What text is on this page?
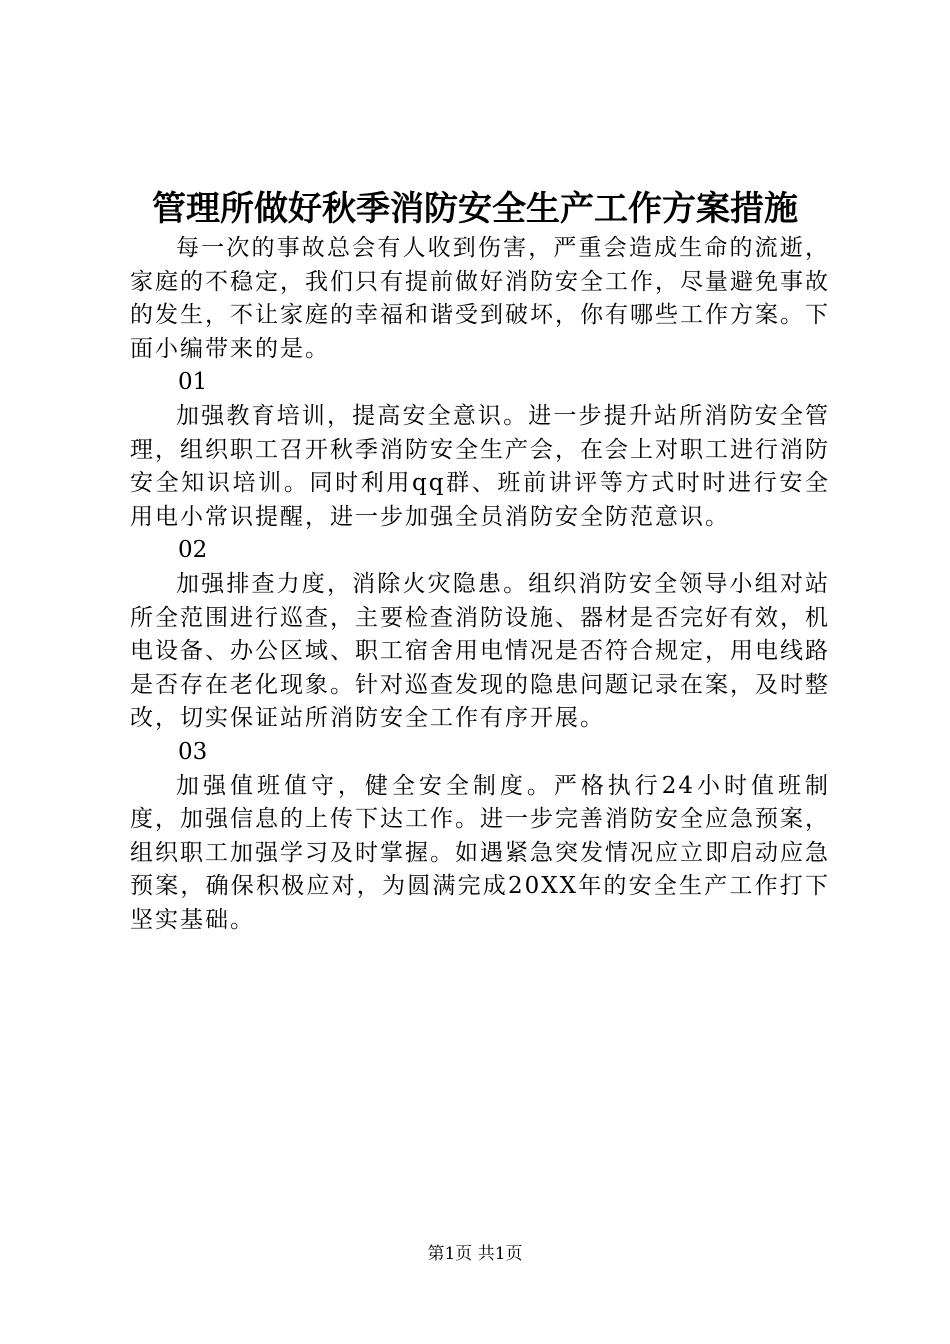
管理所做好秋季消防安全生产工作方案措施

每一次的事故总会有人收到伤害，严重会造成生命的流逝，家庭的不稳定，我们只有提前做好消防安全工作，尽量避免事故的发生，不让家庭的幸福和谐受到破坏，你有哪些工作方案。下面小编带来的是。

01

加强教育培训，提高安全意识。进一步提升站所消防安全管理，组织职工召开秋季消防安全生产会，在会上对职工进行消防安全知识培训。同时利用qq群、班前讲评等方式时时进行安全用电小常识提醒，进一步加强全员消防安全防范意识。

02

加强排查力度，消除火灾隐患。组织消防安全领导小组对站所全范围进行巡查，主要检查消防设施、器材是否完好有效，机电设备、办公区域、职工宿舍用电情况是否符合规定，用电线路是否存在老化现象。针对巡查发现的隐患问题记录在案，及时整改，切实保证站所消防安全工作有序开展。

03

加强值班值守，健全安全制度。严格执行24小时值班制度，加强信息的上传下达工作。进一步完善消防安全应急预案，组织职工加强学习及时掌握。如遇紧急突发情况应立即启动应急预案，确保积极应对，为圆满完成20XX年的安全生产工作打下坚实基础。

第1页 共1页
